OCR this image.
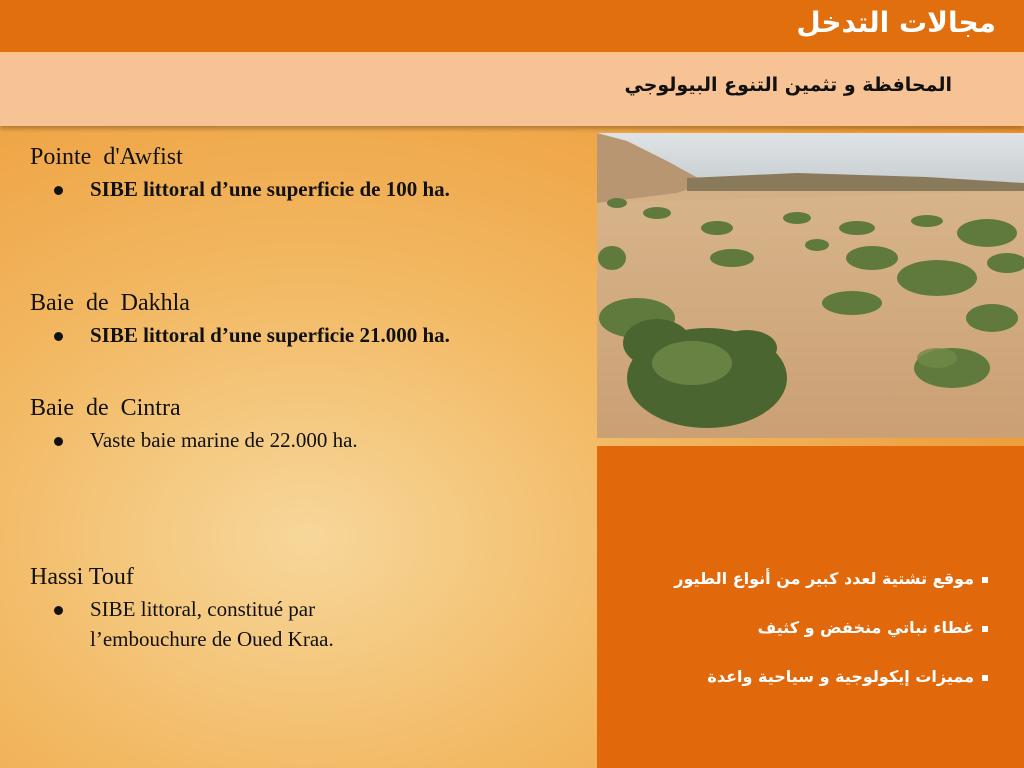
مجالات التدخل
المحافظة و تثمين التنوع البيولوجي
Pointe  d'Awfist
SIBE littoral d’une superficie de 100 ha.
Baie  de  Dakhla
SIBE littoral d’une superficie 21.000 ha.
Baie  de  Cintra
Vaste baie marine de 22.000 ha.
Hassi Touf
SIBE littoral, constitué par
l’embouchure de Oued Kraa.
موقع تشتية لعدد كبير من أنواع الطيور
غطاء نباتي منخفض و كثيف
مميزات إيكولوجية و سياحية واعدة
